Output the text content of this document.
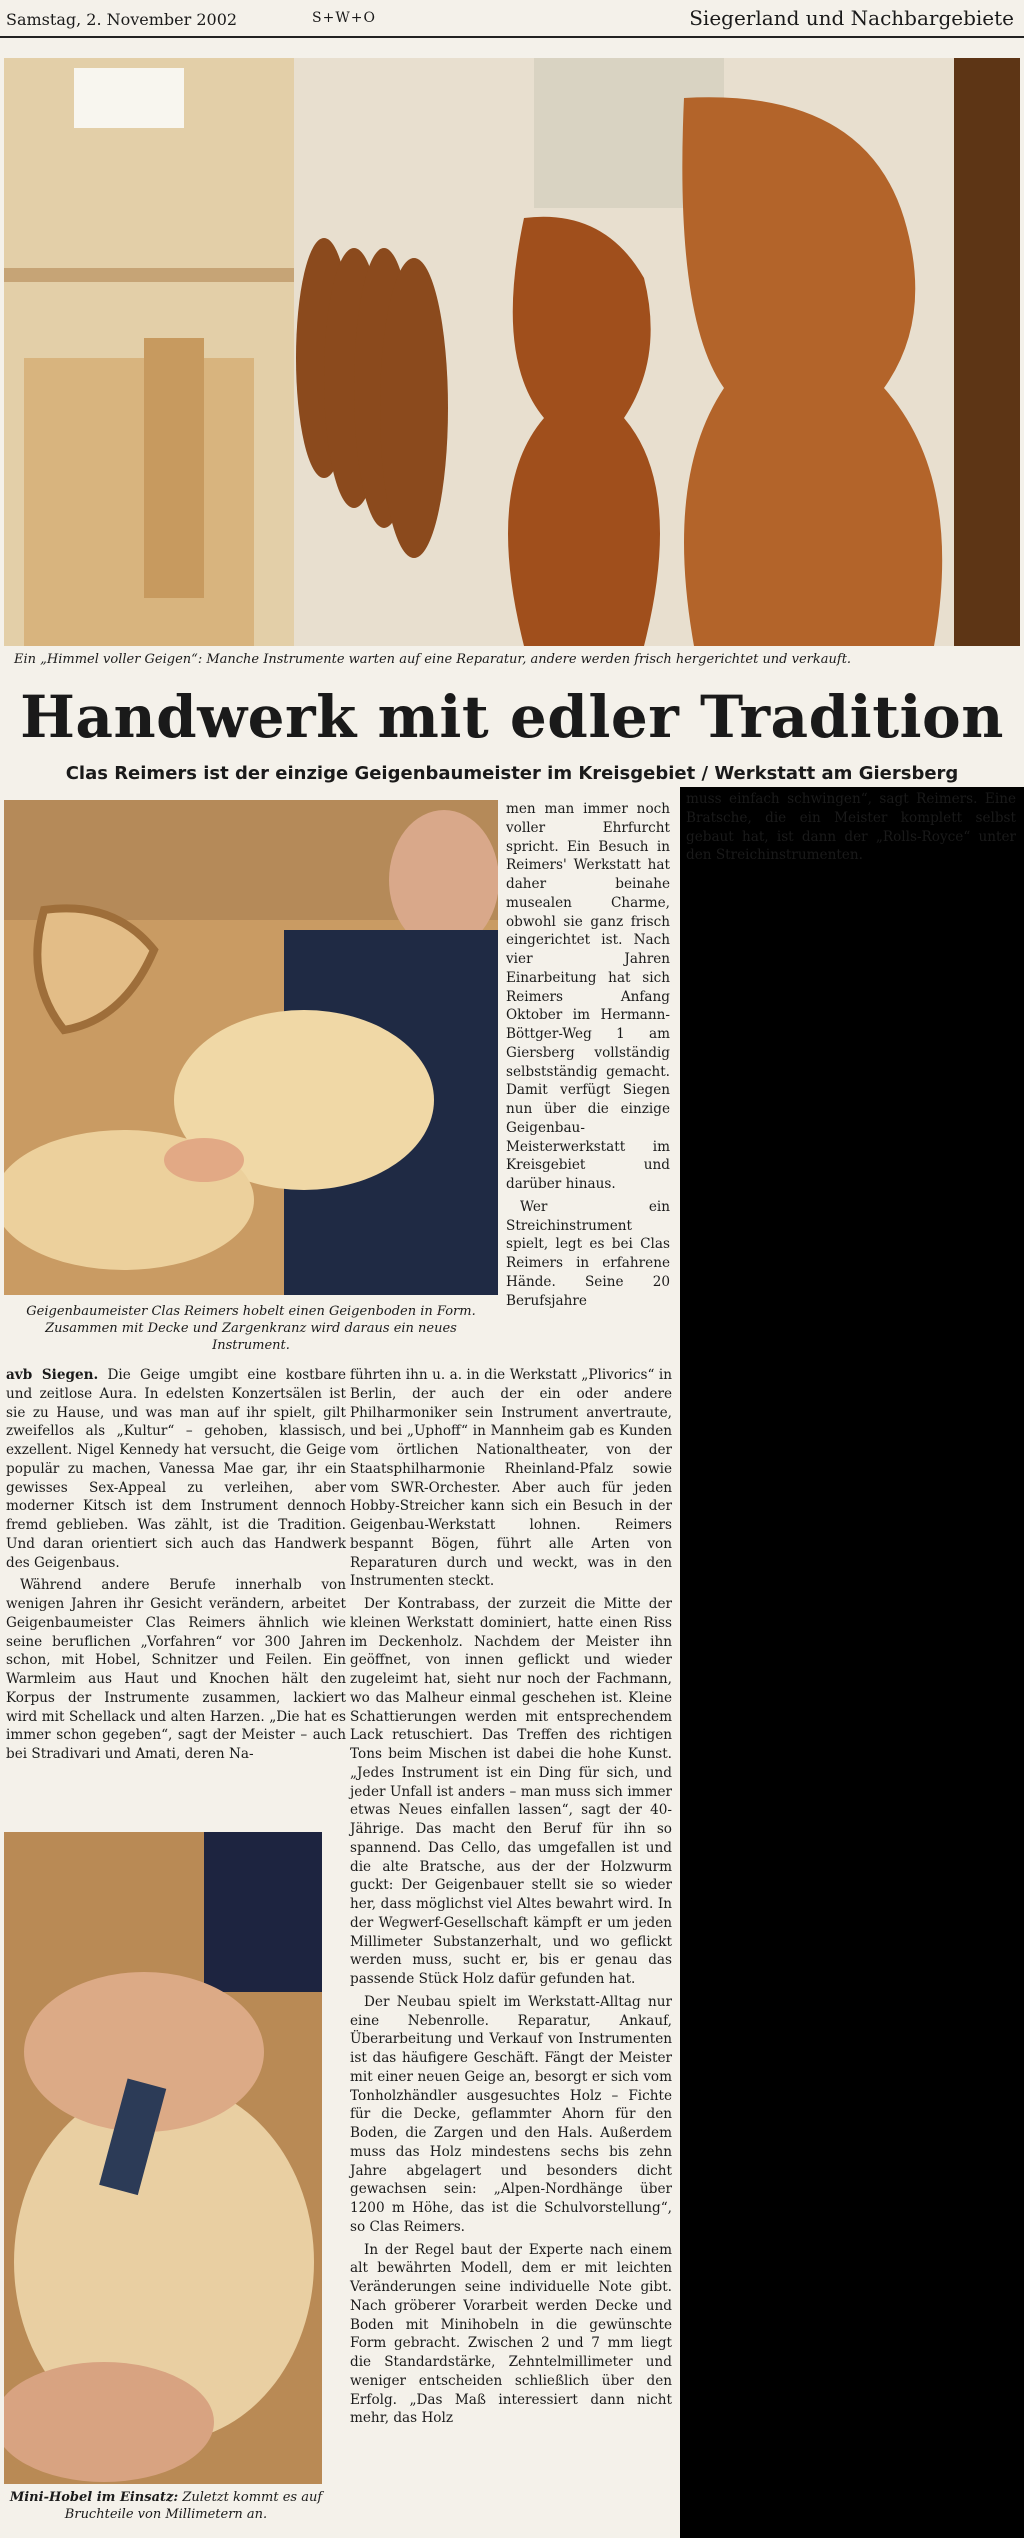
Samstag, 2. November 2002	S+W+O	Siegerland und Nachbargebiete
Ein „Himmel voller Geigen“: Manche Instrumente warten auf eine Reparatur, andere werden frisch hergerichtet und verkauft.
Handwerk mit edler Tradition
Clas Reimers ist der einzige Geigenbaumeister im Kreisgebiet / Werkstatt am Giersberg
Geigenbaumeister Clas Reimers hobelt einen Geigenboden in Form. Zusammen mit Decke und Zargenkranz wird daraus ein neues Instrument.

avb Siegen. Die Geige umgibt eine kostbare und zeitlose Aura. In edelsten Konzertsälen ist sie zu Hause, und was man auf ihr spielt, gilt zweifellos als „Kultur“ – gehoben, klassisch, exzellent. Nigel Kennedy hat versucht, die Geige populär zu machen, Vanessa Mae gar, ihr ein gewisses Sex-Appeal zu verleihen, aber moderner Kitsch ist dem Instrument dennoch fremd geblieben. Was zählt, ist die Tradition. Und daran orientiert sich auch das Handwerk des Geigenbaus.

Während andere Berufe innerhalb von wenigen Jahren ihr Gesicht verändern, arbeitet Geigenbaumeister Clas Reimers ähnlich wie seine beruflichen „Vorfahren“ vor 300 Jahren schon, mit Hobel, Schnitzer und Feilen. Ein Warmleim aus Haut und Knochen hält den Korpus der Instrumente zusammen, lackiert wird mit Schellack und alten Harzen. „Die hat es immer schon gegeben“, sagt der Meister – auch bei Stradivari und Amati, deren Na-

Mini-Hobel im Einsatz: Zuletzt kommt es auf Bruchteile von Millimetern an.

men man immer noch voller Ehrfurcht spricht. Ein Besuch in Reimers' Werkstatt hat daher beinahe musealen Charme, obwohl sie ganz frisch eingerichtet ist. Nach vier Jahren Einarbeitung hat sich Reimers Anfang Oktober im Hermann-Böttger-Weg 1 am Giersberg vollständig selbstständig gemacht. Damit verfügt Siegen nun über die einzige Geigenbau-Meisterwerkstatt im Kreisgebiet und darüber hinaus.

Wer ein Streichinstrument spielt, legt es bei Clas Reimers in erfahrene Hände. Seine 20 Berufsjahre

führten ihn u. a. in die Werkstatt „Plivorics“ in Berlin, der auch der ein oder andere Philharmoniker sein Instrument anvertraute, und bei „Uphoff“ in Mannheim gab es Kunden vom örtlichen Nationaltheater, von der Staatsphilharmonie Rheinland-Pfalz sowie vom SWR-Orchester. Aber auch für jeden Hobby-Streicher kann sich ein Besuch in der Geigenbau-Werkstatt lohnen. Reimers bespannt Bögen, führt alle Arten von Reparaturen durch und weckt, was in den Instrumenten steckt.

Der Kontrabass, der zurzeit die Mitte der kleinen Werkstatt dominiert, hatte einen Riss im Deckenholz. Nachdem der Meister ihn geöffnet, von innen geflickt und wieder zugeleimt hat, sieht nur noch der Fachmann, wo das Malheur einmal geschehen ist. Kleine Schattierungen werden mit entsprechendem Lack retuschiert. Das Treffen des richtigen Tons beim Mischen ist dabei die hohe Kunst. „Jedes Instrument ist ein Ding für sich, und jeder Unfall ist anders – man muss sich immer etwas Neues einfallen lassen“, sagt der 40-Jährige. Das macht den Beruf für ihn so spannend. Das Cello, das umgefallen ist und die alte Bratsche, aus der der Holzwurm guckt: Der Geigenbauer stellt sie so wieder her, dass möglichst viel Altes bewahrt wird. In der Wegwerf-Gesellschaft kämpft er um jeden Millimeter Substanzerhalt, und wo geflickt werden muss, sucht er, bis er genau das passende Stück Holz dafür gefunden hat.

Der Neubau spielt im Werkstatt-Alltag nur eine Nebenrolle. Reparatur, Ankauf, Überarbeitung und Verkauf von Instrumenten ist das häufigere Geschäft. Fängt der Meister mit einer neuen Geige an, besorgt er sich vom Tonholzhändler ausgesuchtes Holz – Fichte für die Decke, geflammter Ahorn für den Boden, die Zargen und den Hals. Außerdem muss das Holz mindestens sechs bis zehn Jahre abgelagert und besonders dicht gewachsen sein: „Alpen-Nordhänge über 1200 m Höhe, das ist die Schulvorstellung“, so Clas Reimers.

In der Regel baut der Experte nach einem alt bewährten Modell, dem er mit leichten Veränderungen seine individuelle Note gibt. Nach gröberer Vorarbeit werden Decke und Boden mit Minihobeln in die gewünschte Form gebracht. Zwischen 2 und 7 mm liegt die Standardstärke, Zehntelmillimeter und weniger entscheiden schließlich über den Erfolg. „Das Maß interessiert dann nicht mehr, das Holz

muss einfach schwingen“, sagt Reimers. Eine Bratsche, die ein Meister komplett selbst gebaut hat, ist dann der „Rolls-Royce“ unter den Streichinstrumenten.
